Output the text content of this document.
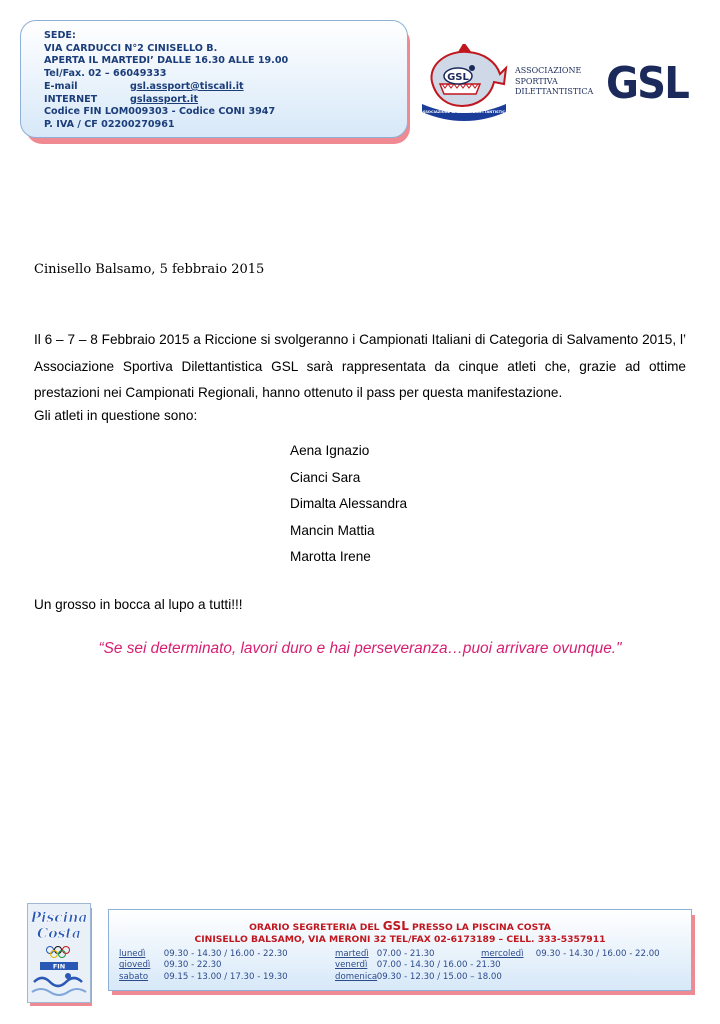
SEDE:
VIA CARDUCCI N°2 CINISELLO B.
APERTA IL MARTEDI’ DALLE 16.30 ALLE 19.00
Tel/Fax. 02 – 66049333
E-mail	gsl.assport@tiscali.it
INTERNET	gslassport.it
Codice FIN LOM009303 - Codice CONI 3947
P. IVA / CF 02200270961
GSL
ASSOCIAZIONE SPORTIVA DILETTANTISTICA
ASSOCIAZIONE
SPORTIVA
DILETTANTISTICA GSL
Cinisello Balsamo, 5 febbraio 2015
Il 6 – 7 – 8 Febbraio 2015 a Riccione si svolgeranno i Campionati Italiani di Categoria di Salvamento 2015, l’ Associazione Sportiva Dilettantistica GSL sarà rappresentata da cinque atleti che, grazie ad ottime prestazioni nei Campionati Regionali, hanno ottenuto il pass per questa manifestazione.
Gli atleti in questione sono:
Aena Ignazio
Cianci Sara
Dimalta Alessandra
Mancin Mattia
Marotta Irene
Un grosso in bocca al lupo a tutti!!!
“Se sei determinato, lavori duro e hai perseveranza…puoi arrivare ovunque."
Piscina
Costa
FIN
ORARIO SEGRETERIA DEL GSL PRESSO LA PISCINA COSTA
CINISELLO BALSAMO, VIA MERONI 32 TEL/FAX 02-6173189 – CELL. 333-5357911
lunedì 09.30 - 14.30 / 16.00 - 22.30
giovedì 09.30 - 22.30
sabato 09.15 - 13.00 / 17.30 - 19.30
martedì 07.00 - 21.30
venerdì 07.00 - 14.30 / 16.00 - 21.30
domenica 09.30 - 12.30 / 15.00 – 18.00
mercoledì 09.30 - 14.30 / 16.00 - 22.00
